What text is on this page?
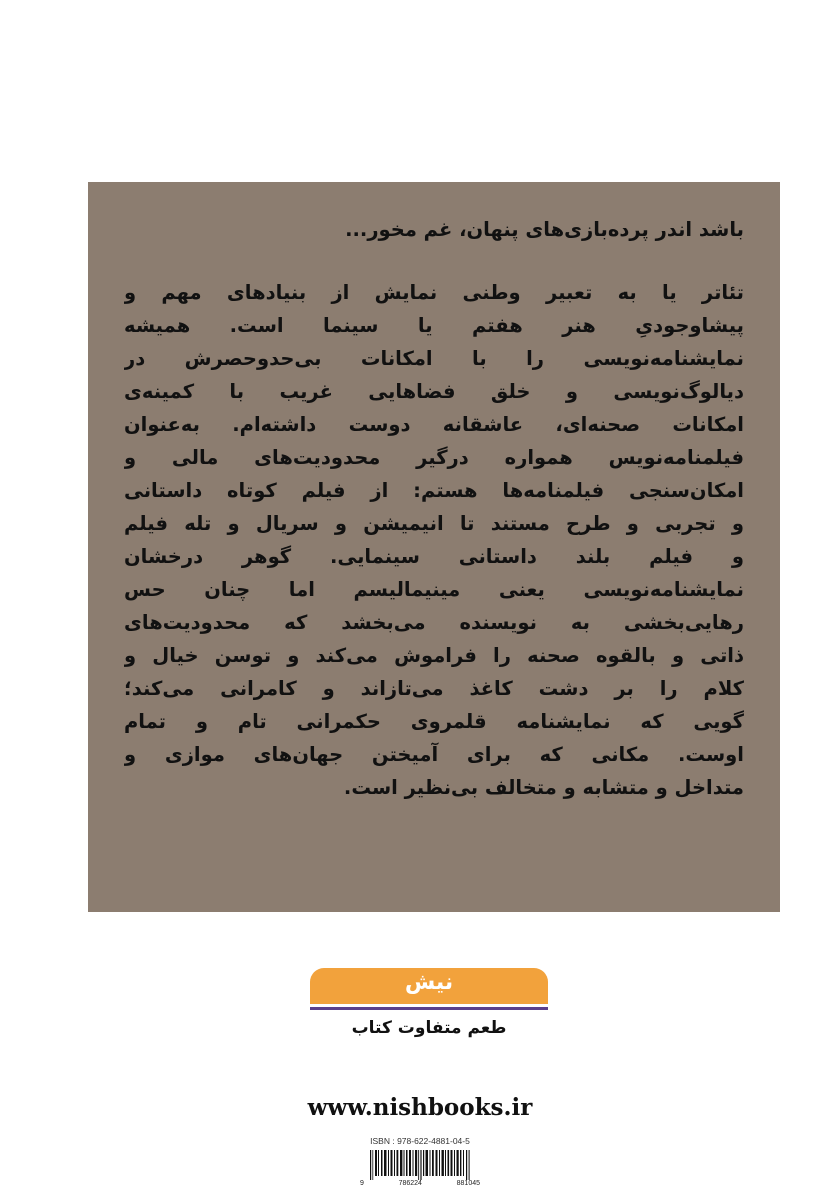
باشد اندر پرده‌بازی‌های پنهان، غم مخور...
تئاتر یا به تعبیر وطنی نمایش از بنیادهای مهم و
پیشاوجودیِ هنر هفتم یا سینما است. همیشه
نمایشنامه‌نویسی را با امکانات بی‌حدوحصرش در
دیالوگ‌نویسی و خلق فضاهایی غریب با کمینه‌ی
امکانات صحنه‌ای، عاشقانه دوست داشته‌ام. به‌عنوان
فیلمنامه‌نویس همواره درگیر محدودیت‌های مالی و
امکان‌سنجی فیلمنامه‌ها هستم: از فیلم کوتاه داستانی
و تجربی و طرح مستند تا انیمیشن و سریال و تله فیلم
و فیلم بلند داستانی سینمایی. گوهر درخشان
نمایشنامه‌نویسی یعنی مینیمالیسم اما چنان حس
رهایی‌بخشی به نویسنده می‌بخشد که محدودیت‌های
ذاتی و بالقوه صحنه را فراموش می‌کند و توسن خیال و
کلام را بر دشت کاغذ می‌تازاند و کامرانی می‌کند؛
گویی که نمایشنامه قلمروی حکمرانی تام و تمام
اوست. مکانی که برای آمیختن جهان‌های موازی و
متداخل و متشابه و متخالف بی‌نظیر است.
نیش
طعم متفاوت کتاب
www.nishbooks.ir
ISBN : 978-622-4881-04-5
9	786224	881045
